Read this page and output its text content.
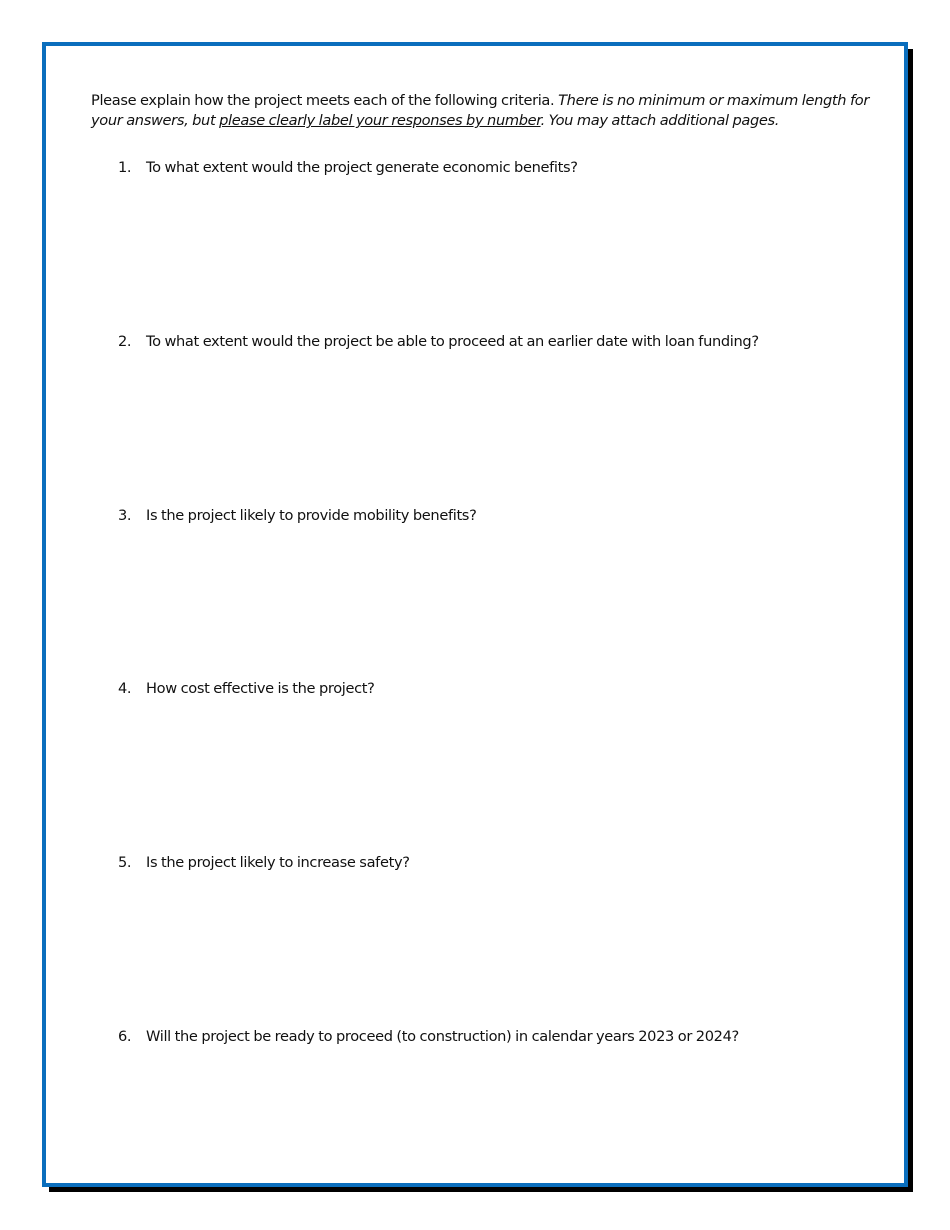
Please explain how the project meets each of the following criteria. There is no minimum or maximum length for your answers, but please clearly label your responses by number. You may attach additional pages.

1. To what extent would the project generate economic benefits?
2. To what extent would the project be able to proceed at an earlier date with loan funding?
3. Is the project likely to provide mobility benefits?
4. How cost effective is the project?
5. Is the project likely to increase safety?
6. Will the project be ready to proceed (to construction) in calendar years 2023 or 2024?
